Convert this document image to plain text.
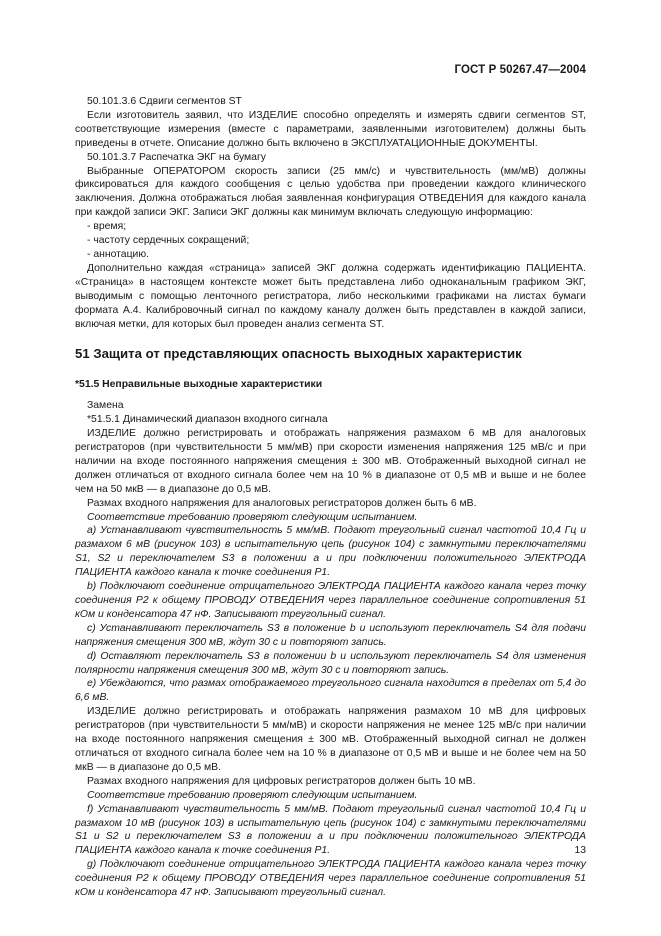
ГОСТ Р 50267.47—2004

50.101.3.6 Сдвиги сегментов ST

Если изготовитель заявил, что ИЗДЕЛИЕ способно определять и измерять сдвиги сегментов ST, соответствующие измерения (вместе с параметрами, заявленными изготовителем) должны быть приведены в отчете. Описание должно быть включено в ЭКСПЛУАТАЦИОННЫЕ ДОКУМЕНТЫ.

50.101.3.7 Распечатка ЭКГ на бумагу

Выбранные ОПЕРАТОРОМ скорость записи (25 мм/с) и чувствительность (мм/мВ) должны фиксироваться для каждого сообщения с целью удобства при проведении каждого клинического заключения. Должна отображаться любая заявленная конфигурация ОТВЕДЕНИЯ для каждого канала при каждой записи ЭКГ. Записи ЭКГ должны как минимум включать следующую информацию:

- время;

- частоту сердечных сокращений;

- аннотацию.

Дополнительно каждая «страница» записей ЭКГ должна содержать идентификацию ПАЦИЕНТА. «Страница» в настоящем контексте может быть представлена либо одноканальным графиком ЭКГ, выводимым с помощью ленточного регистратора, либо несколькими графиками на листах бумаги формата А.4. Калибровочный сигнал по каждому каналу должен быть представлен в каждой записи, включая метки, для которых был проведен анализ сегмента ST.

51 Защита от представляющих опасность выходных характеристик

*51.5 Неправильные выходные характеристики

Замена

*51.5.1 Динамический диапазон входного сигнала

ИЗДЕЛИЕ должно регистрировать и отображать напряжения размахом 6 мВ для аналоговых регистраторов (при чувствительности 5 мм/мВ) при скорости изменения напряжения 125 мВ/с и при наличии на входе постоянного напряжения смещения ± 300 мВ. Отображенный выходной сигнал не должен отличаться от входного сигнала более чем на 10 % в диапазоне от 0,5 мВ и выше и не более чем на 50 мкВ — в диапазоне до 0,5 мВ.

Размах входного напряжения для аналоговых регистраторов должен быть 6 мВ.

Соответствие требованию проверяют следующим испытанием.

a) Устанавливают чувствительность 5 мм/мВ. Подают треугольный сигнал частотой 10,4 Гц и размахом 6 мВ (рисунок 103) в испытательную цепь (рисунок 104) с замкнутыми переключателями S1, S2 и переключателем S3 в положении а и при подключении положительного ЭЛЕКТРОДА ПАЦИЕНТА каждого канала к точке соединения Р1.

b) Подключают соединение отрицательного ЭЛЕКТРОДА ПАЦИЕНТА каждого канала через точку соединения Р2 к общему ПРОВОДУ ОТВЕДЕНИЯ через параллельное соединение сопротивления 51 кОм и конденсатора 47 нФ. Записывают треугольный сигнал.

c) Устанавливают переключатель S3 в положение b и используют переключатель S4 для подачи напряжения смещения 300 мВ, ждут 30 с и повторяют запись.

d) Оставляют переключатель S3 в положении b и используют переключатель S4 для изменения полярности напряжения смещения 300 мВ, ждут 30 с и повторяют запись.

e) Убеждаются, что размах отображаемого треугольного сигнала находится в пределах от 5,4 до 6,6 мВ.

ИЗДЕЛИЕ должно регистрировать и отображать напряжения размахом 10 мВ для цифровых регистраторов (при чувствительности 5 мм/мВ) и скорости напряжения не менее 125 мВ/с при наличии на входе постоянного напряжения смещения ± 300 мВ. Отображенный выходной сигнал не должен отличаться от входного сигнала более чем на 10 % в диапазоне от 0,5 мВ и выше и не более чем на 50 мкВ — в диапазоне до 0,5 мВ.

Размах входного напряжения для цифровых регистраторов должен быть 10 мВ.

Соответствие требованию проверяют следующим испытанием.

f) Устанавливают чувствительность 5 мм/мВ. Подают треугольный сигнал частотой 10,4 Гц и размахом 10 мВ (рисунок 103) в испытательную цепь (рисунок 104) с замкнутыми переключателями S1 и S2 и переключателем S3 в положении а и при подключении положительного ЭЛЕКТРОДА ПАЦИЕНТА каждого канала к точке соединения Р1.

g) Подключают соединение отрицательного ЭЛЕКТРОДА ПАЦИЕНТА каждого канала через точку соединения Р2 к общему ПРОВОДУ ОТВЕДЕНИЯ через параллельное соединение сопротивления 51 кОм и конденсатора 47 нФ. Записывают треугольный сигнал.

13
